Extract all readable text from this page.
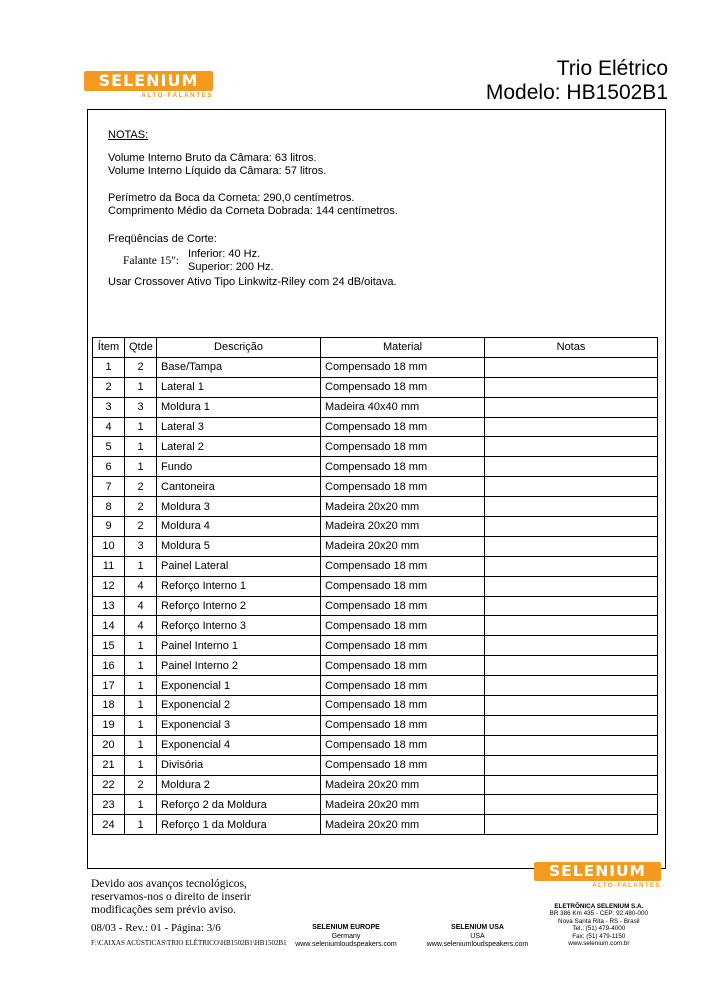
SELENIUM
ALTO-FALANTES
Trio Elétrico
Modelo: HB1502B1
NOTAS:
Volume Interno Bruto da Câmara: 63 litros.
Volume Interno Líquido da Câmara: 57 litros.
Perímetro da Boca da Corneta: 290,0 centímetros.
Comprimento Médio da Corneta Dobrada: 144 centímetros.
Freqüências de Corte:
Falante 15":
Inferior: 40 Hz.
Superior: 200 Hz.
Usar Crossover Ativo Tipo Linkwitz-Riley com 24 dB/oitava.
Ítem	Qtde	Descrição	Material	Notas
1	2	Base/Tampa	Compensado 18 mm	
2	1	Lateral 1	Compensado 18 mm	
3	3	Moldura 1	Madeira 40x40 mm	
4	1	Lateral 3	Compensado 18 mm	
5	1	Lateral 2	Compensado 18 mm	
6	1	Fundo	Compensado 18 mm	
7	2	Cantoneira	Compensado 18 mm	
8	2	Moldura 3	Madeira 20x20 mm	
9	2	Moldura 4	Madeira 20x20 mm	
10	3	Moldura 5	Madeira 20x20 mm	
11	1	Painel Lateral	Compensado 18 mm	
12	4	Reforço Interno 1	Compensado 18 mm	
13	4	Reforço Interno 2	Compensado 18 mm	
14	4	Reforço Interno 3	Compensado 18 mm	
15	1	Painel Interno 1	Compensado 18 mm	
16	1	Painel Interno 2	Compensado 18 mm	
17	1	Exponencial 1	Compensado 18 mm	
18	1	Exponencial 2	Compensado 18 mm	
19	1	Exponencial 3	Compensado 18 mm	
20	1	Exponencial 4	Compensado 18 mm	
21	1	Divisória	Compensado 18 mm	
22	2	Moldura 2	Madeira 20x20 mm	
23	1	Reforço 2 da Moldura	Madeira 20x20 mm	
24	1	Reforço 1 da Moldura	Madeira 20x20 mm	
Devido aos avanços tecnológicos,
reservamos-nos o direito de inserir
modificações sem prévio aviso.
08/03 - Rev.: 01 - Página: 3/6
F:\CAIXAS ACÚSTICAS\TRIO ELÉTRICO\HB1502B1\HB1502B1
SELENIUM EUROPE
Germany
www.seleniumloudspeakers.com
SELENIUM USA
USA
www.seleniumloudspeakers.com
SELENIUM
ALTO-FALANTES
ELETRÔNICA SELENIUM S.A.
BR 386 Km 435 - CEP: 92.480-000
Nova Santa Rita - RS - Brasil
Tel.: (51) 479-4000
Fax: (51) 479-1150
www.selenium.com.br
